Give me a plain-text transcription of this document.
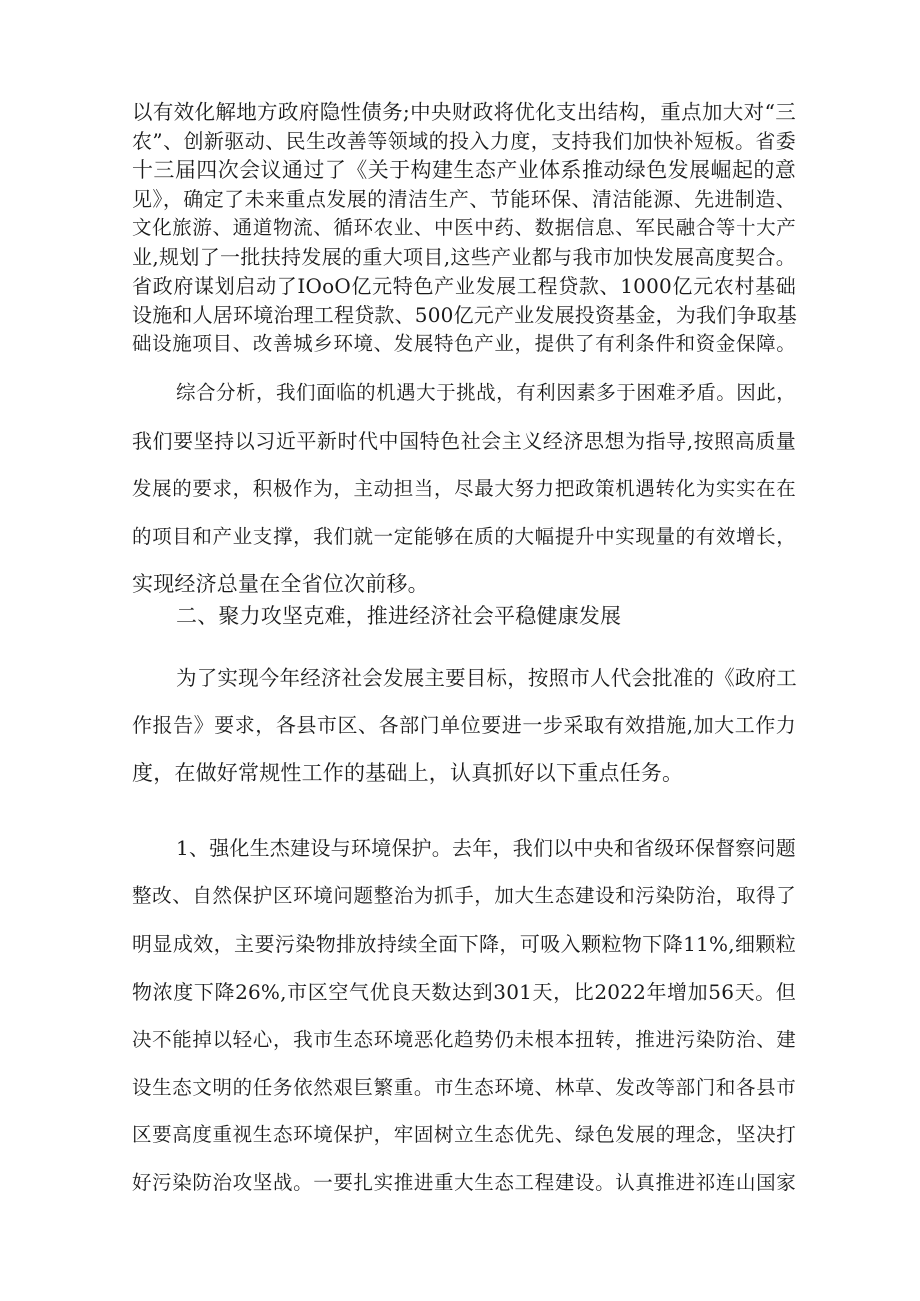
以有效化解地方政府隐性债务;中央财政将优化支出结构，重点加大对“三
农”、创新驱动、民生改善等领域的投入力度，支持我们加快补短板。省委
十三届四次会议通过了《关于构建生态产业体系推动绿色发展崛起的意
见》，确定了未来重点发展的清洁生产、节能环保、清洁能源、先进制造、
文化旅游、通道物流、循环农业、中医中药、数据信息、军民融合等十大产
业,规划了一批扶持发展的重大项目,这些产业都与我市加快发展高度契合。
省政府谋划启动了IOoO亿元特色产业发展工程贷款、1000亿元农村基础
设施和人居环境治理工程贷款、500亿元产业发展投资基金，为我们争取基
础设施项目、改善城乡环境、发展特色产业，提供了有利条件和资金保障。
综合分析，我们面临的机遇大于挑战，有利因素多于困难矛盾。因此，
我们要坚持以习近平新时代中国特色社会主义经济思想为指导,按照高质量
发展的要求，积极作为，主动担当，尽最大努力把政策机遇转化为实实在在
的项目和产业支撑，我们就一定能够在质的大幅提升中实现量的有效增长，
实现经济总量在全省位次前移。
二、聚力攻坚克难，推进经济社会平稳健康发展
为了实现今年经济社会发展主要目标，按照市人代会批准的《政府工
作报告》要求，各县市区、各部门单位要进一步采取有效措施,加大工作力
度，在做好常规性工作的基础上，认真抓好以下重点任务。
1、强化生杰建设与环境保护。去年，我们以中央和省级环保督察问题
整改、自然保护区环境问题整治为抓手，加大生态建设和污染防治，取得了
明显成效，主要污染物排放持续全面下降，可吸入颗粒物下降11%,细颗粒
物浓度下降26%,市区空气优良天数达到301天，比2022年增加56天。但
决不能掉以轻心，我市生态环境恶化趋势仍未根本扭转，推进污染防治、建
设生态文明的任务依然艰巨繁重。市生态环境、林草、发改等部门和各县市
区要高度重视生态环境保护，牢固树立生态优先、绿色发展的理念，坚决打
好污染防治攻坚战。一要扎实推进重大生态工程建设。认真推进祁连山国家
